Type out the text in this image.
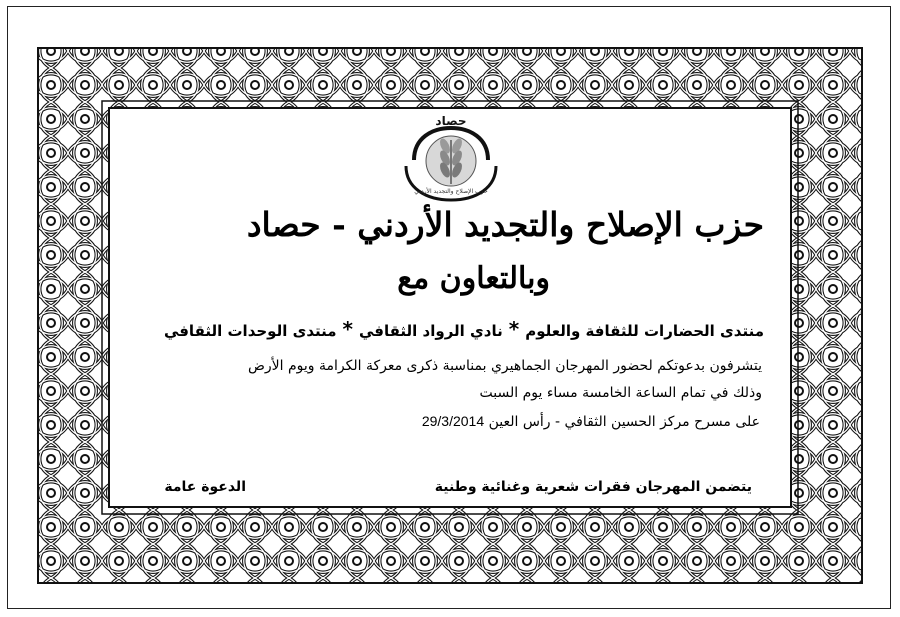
حصاد
حزب الإصلاح والتجديد الأردني
حزب الإصلاح والتجديد الأردني - حصاد
وبالتعاون مع
منتدى الحضارات للثقافة والعلوم*نادي الرواد الثقافي*منتدى الوحدات الثقافي
يتشرفون بدعوتكم لحضور المهرجان الجماهيري بمناسبة ذكرى معركة الكرامة ويوم الأرض
وذلك في تمام الساعة الخامسة مساء يوم السبت
على مسرح مركز الحسين الثقافي - رأس العين 29/3/2014
يتضمن المهرجان فقرات شعرية وغنائية وطنية
الدعوة عامة
